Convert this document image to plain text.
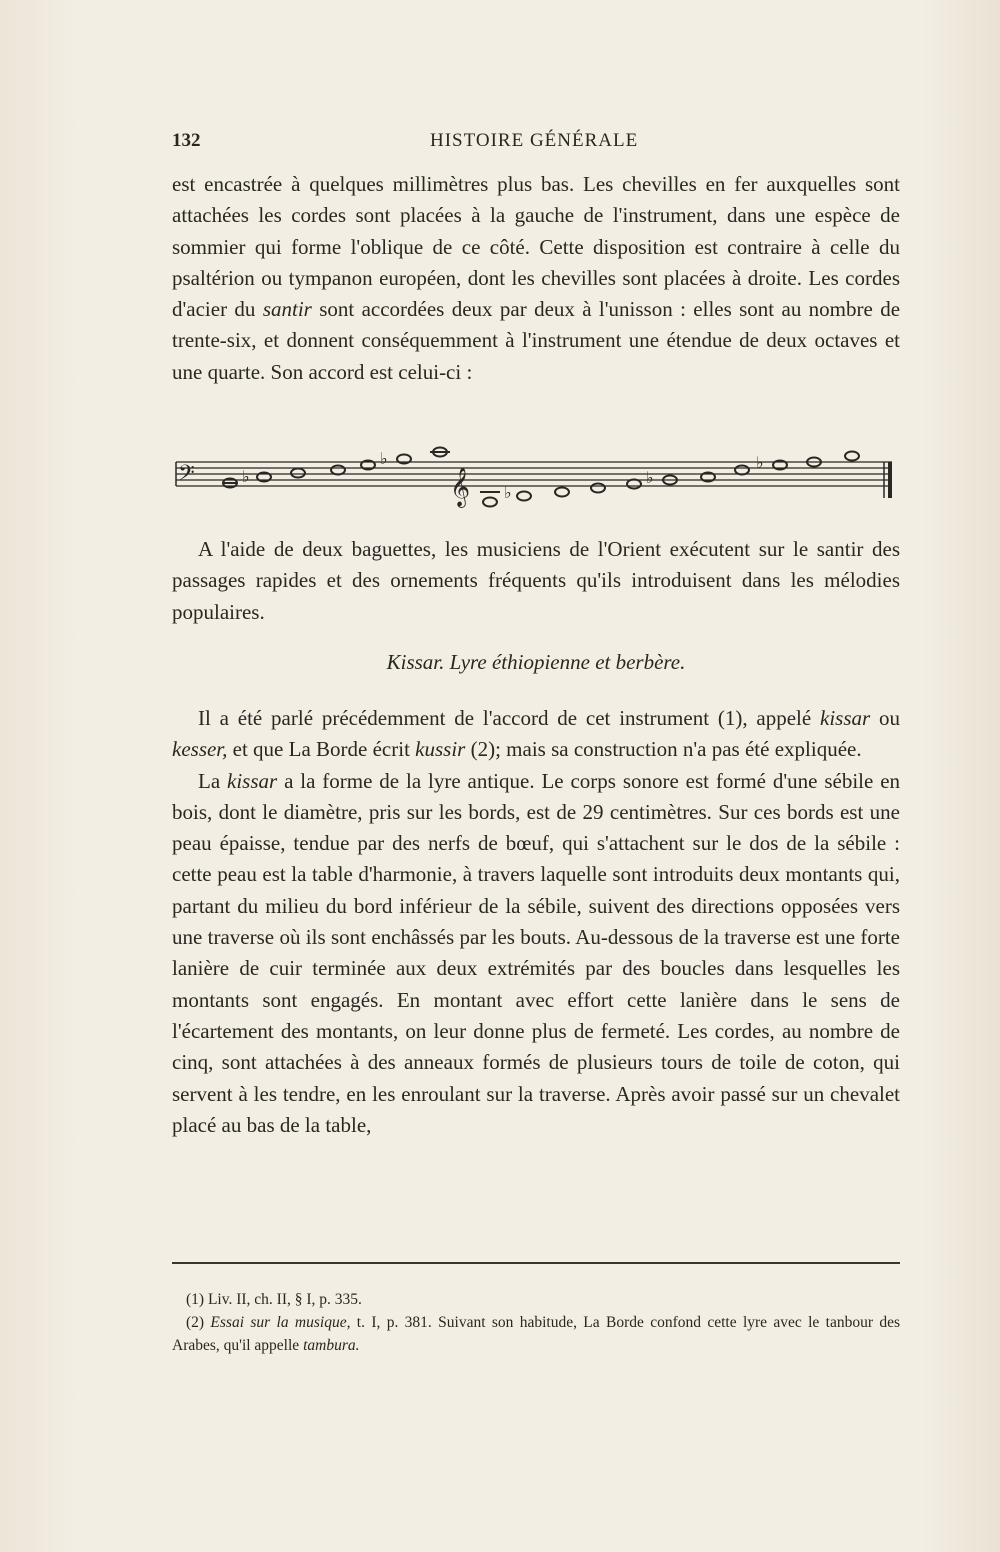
132	HISTOIRE GÉNÉRALE

est encastrée à quelques millimètres plus bas. Les chevilles en fer auxquelles sont attachées les cordes sont placées à la gauche de l'instrument, dans une espèce de sommier qui forme l'oblique de ce côté. Cette disposition est contraire à celle du psaltérion ou tympanon européen, dont les chevilles sont placées à droite. Les cordes d'acier du santir sont accordées deux par deux à l'unisson : elles sont au nombre de trente-six, et donnent conséquemment à l'instrument une étendue de deux octaves et une quarte. Son accord est celui-ci :

𝄢	𝄞
♭
♭
♭
♭
♭

A l'aide de deux baguettes, les musiciens de l'Orient exécutent sur le santir des passages rapides et des ornements fréquents qu'ils introduisent dans les mélodies populaires.

Kissar. Lyre éthiopienne et berbère.

Il a été parlé précédemment de l'accord de cet instrument (1), appelé kissar ou kesser, et que La Borde écrit kussir (2); mais sa construction n'a pas été expliquée.

La kissar a la forme de la lyre antique. Le corps sonore est formé d'une sébile en bois, dont le diamètre, pris sur les bords, est de 29 centimètres. Sur ces bords est une peau épaisse, tendue par des nerfs de bœuf, qui s'attachent sur le dos de la sébile : cette peau est la table d'harmonie, à travers laquelle sont introduits deux montants qui, partant du milieu du bord inférieur de la sébile, suivent des directions opposées vers une traverse où ils sont enchâssés par les bouts. Au-dessous de la traverse est une forte lanière de cuir terminée aux deux extrémités par des boucles dans lesquelles les montants sont engagés. En montant avec effort cette lanière dans le sens de l'écartement des montants, on leur donne plus de fermeté. Les cordes, au nombre de cinq, sont attachées à des anneaux formés de plusieurs tours de toile de coton, qui servent à les tendre, en les enroulant sur la traverse. Après avoir passé sur un chevalet placé au bas de la table,

(1) Liv. II, ch. II, § I, p. 335.

(2) Essai sur la musique, t. I, p. 381. Suivant son habitude, La Borde confond cette lyre avec le tanbour des Arabes, qu'il appelle tambura.
